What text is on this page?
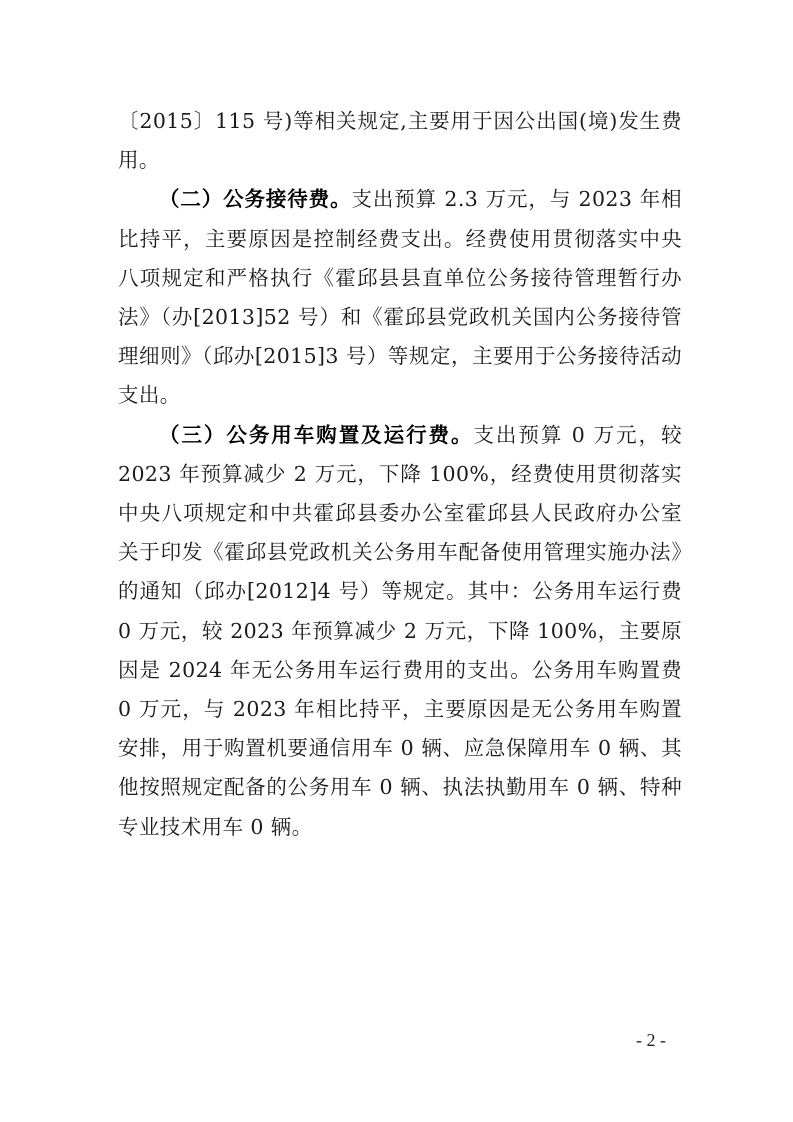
〔2015〕115 号)等相关规定,主要用于因公出国(境)发生费用。

（二）公务接待费。支出预算 2.3 万元，与 2023 年相比持平，主要原因是控制经费支出。经费使用贯彻落实中央八项规定和严格执行《霍邱县县直单位公务接待管理暂行办法》（办[2013]52 号）和《霍邱县党政机关国内公务接待管理细则》（邱办[2015]3 号）等规定，主要用于公务接待活动支出。

（三）公务用车购置及运行费。支出预算 0 万元，较 2023 年预算减少 2 万元，下降 100%，经费使用贯彻落实中央八项规定和中共霍邱县委办公室霍邱县人民政府办公室关于印发《霍邱县党政机关公务用车配备使用管理实施办法》的通知（邱办[2012]4 号）等规定。其中：公务用车运行费 0 万元，较 2023 年预算减少 2 万元，下降 100%，主要原因是 2024 年无公务用车运行费用的支出。公务用车购置费 0 万元，与 2023 年相比持平，主要原因是无公务用车购置安排，用于购置机要通信用车 0 辆、应急保障用车 0 辆、其他按照规定配备的公务用车 0 辆、执法执勤用车 0 辆、特种专业技术用车 0 辆。

- 2 -
